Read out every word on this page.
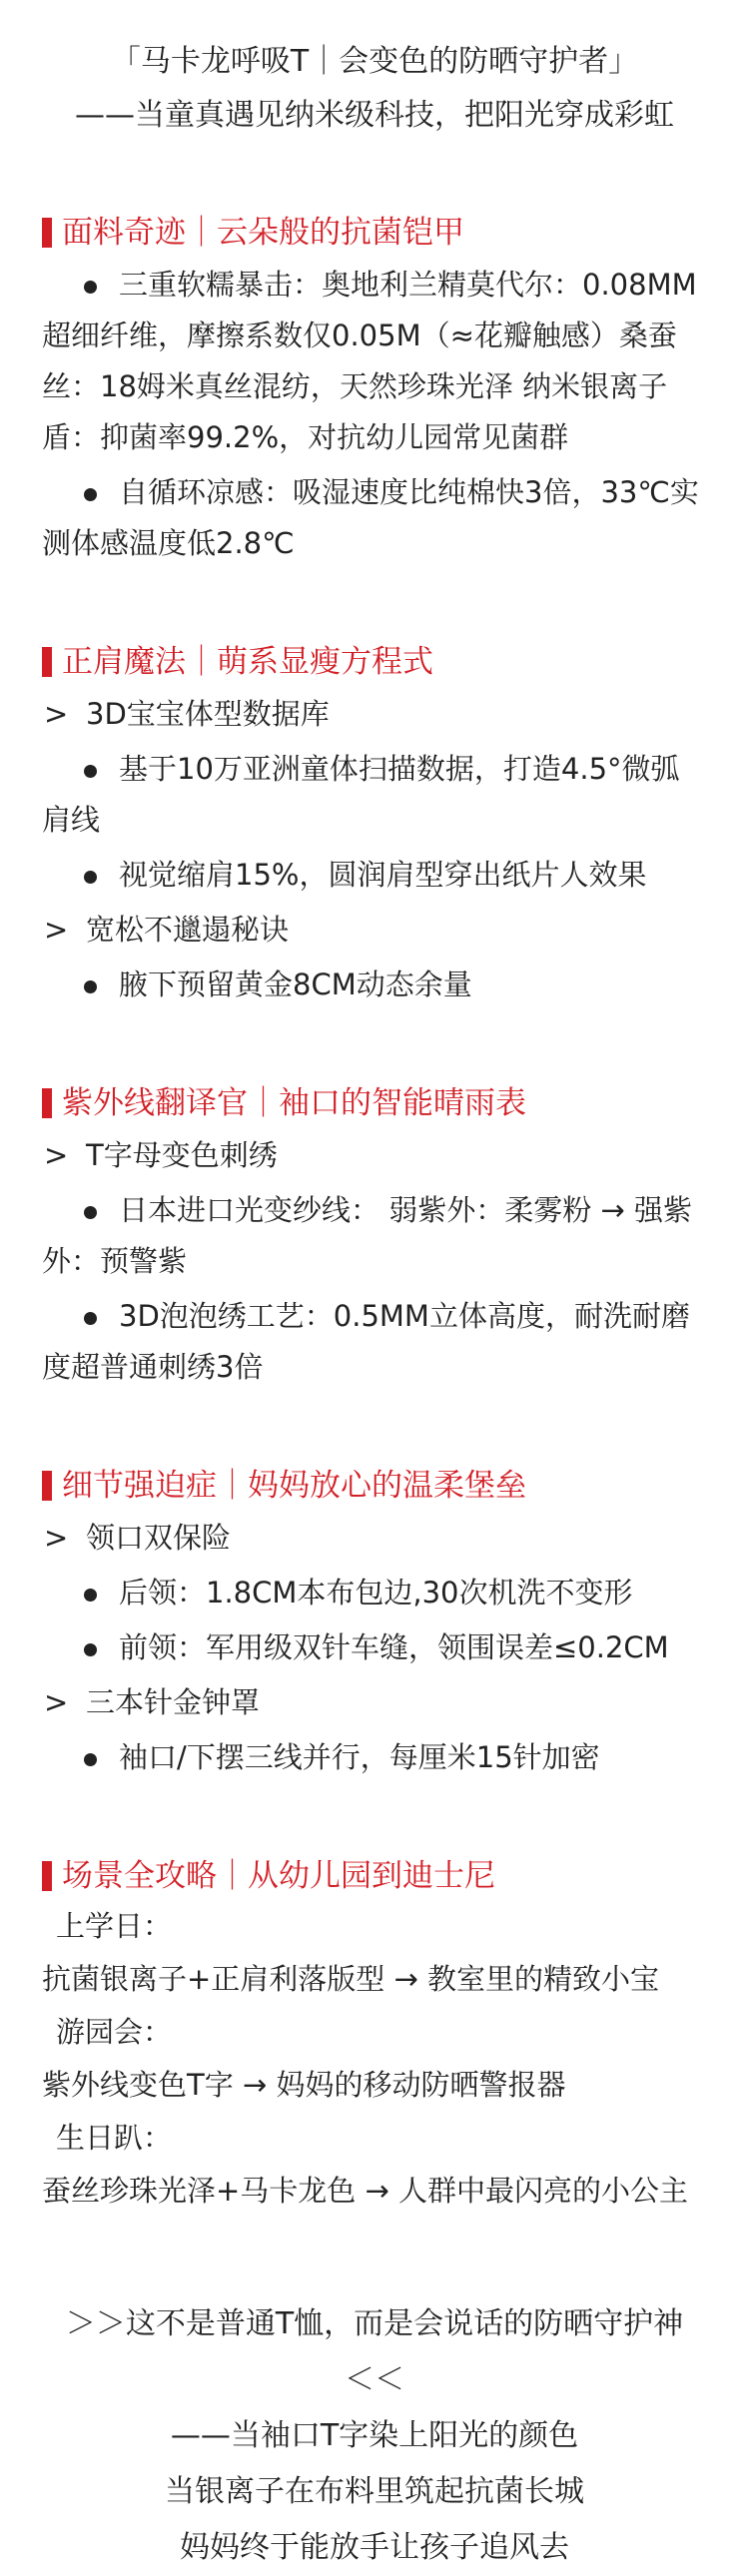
「马卡龙呼吸T｜会变色的防晒守护者」
——当童真遇见纳米级科技，把阳光穿成彩虹
面料奇迹｜云朵般的抗菌铠甲
三重软糯暴击：奥地利兰精莫代尔：0.08MM超细纤维，摩擦系数仅0.05M（≈花瓣触感）桑蚕丝：18姆米真丝混纺，天然珍珠光泽 纳米银离子盾：抑菌率99.2%，对抗幼儿园常见菌群
自循环凉感：吸湿速度比纯棉快3倍，33℃实测体感温度低2.8℃
正肩魔法｜萌系显瘦方程式
> 3D宝宝体型数据库
基于10万亚洲童体扫描数据，打造4.5°微弧肩线
视觉缩肩15%，圆润肩型穿出纸片人效果
> 宽松不邋遢秘诀
腋下预留黄金8CM动态余量
紫外线翻译官｜袖口的智能晴雨表
> T字母变色刺绣
日本进口光变纱线： 弱紫外：柔雾粉 → 强紫外：预警紫
3D泡泡绣工艺：0.5MM立体高度，耐洗耐磨度超普通刺绣3倍
细节强迫症｜妈妈放心的温柔堡垒
> 领口双保险
后领：1.8CM本布包边,30次机洗不变形
前领：军用级双针车缝，领围误差≤0.2CM
> 三本针金钟罩
袖口/下摆三线并行，每厘米15针加密
场景全攻略｜从幼儿园到迪士尼
上学日：
抗菌银离子+正肩利落版型 → 教室里的精致小宝
游园会：
紫外线变色T字 → 妈妈的移动防晒警报器
生日趴：
蚕丝珍珠光泽+马卡龙色 → 人群中最闪亮的小公主
＞＞这不是普通T恤，而是会说话的防晒守护神
＜＜
——当袖口T字染上阳光的颜色
当银离子在布料里筑起抗菌长城
妈妈终于能放手让孩子追风去
